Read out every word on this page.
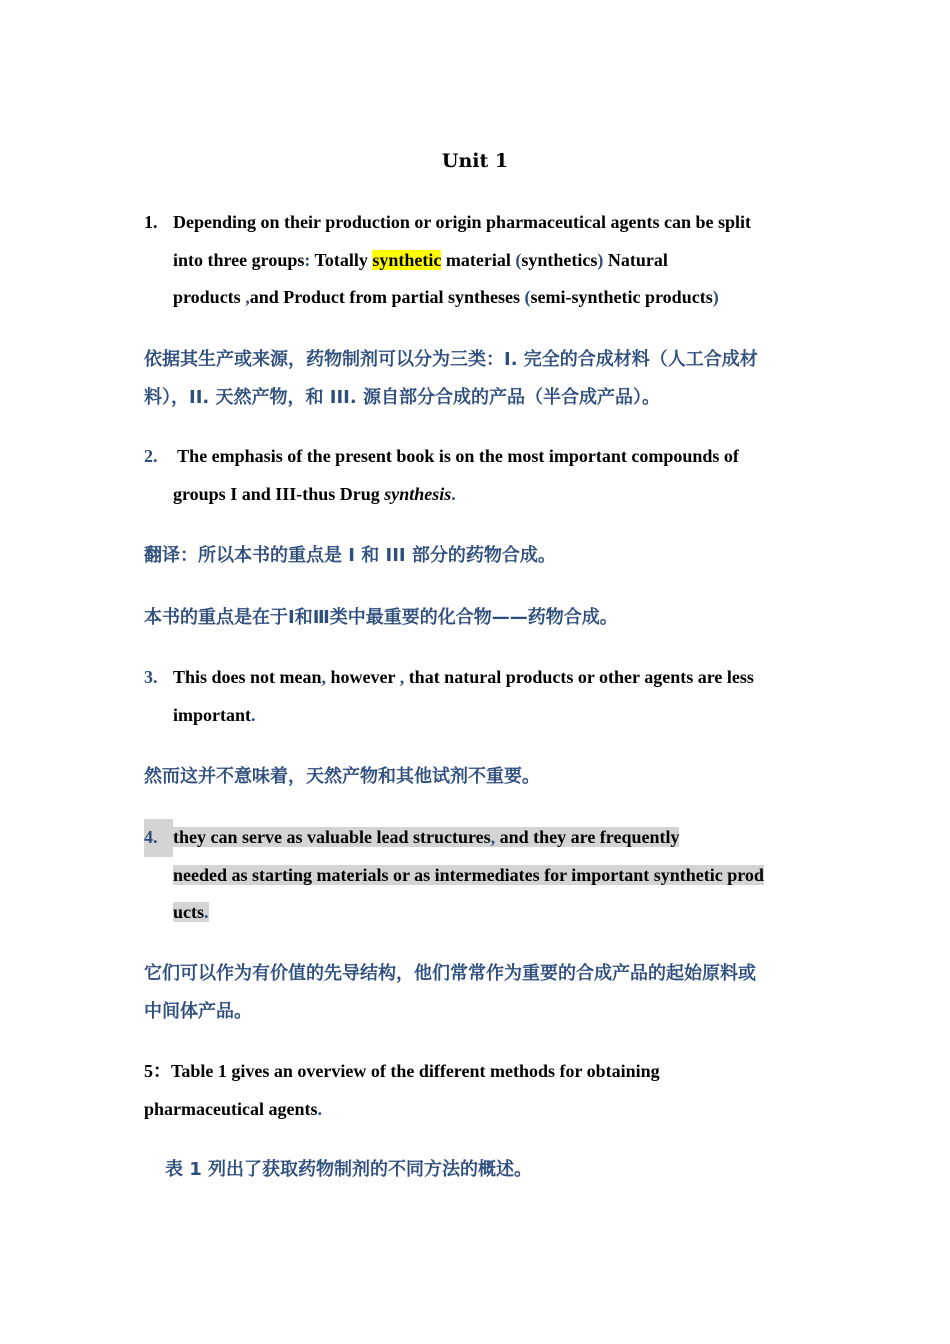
Unit 1
1. Depending on their production or origin pharmaceutical agents can be split
into three groups: Totally synthetic material (synthetics) Natural
products ,and Product from partial syntheses (semi-synthetic products)
依据其生产或来源，药物制剂可以分为三类：I. 完全的合成材料（人工合成材
料），II. 天然产物，和 III. 源自部分合成的产品（半合成产品）。
2. The emphasis of the present book is on the most important compounds of
groups I and III-thus Drug synthesis.
翻译：所以本书的重点是 I 和 III 部分的药物合成。
本书的重点是在于Ⅰ和Ⅲ类中最重要的化合物——药物合成。
3. This does not mean, however , that natural products or other agents are less
important.
然而这并不意味着，天然产物和其他试剂不重要。
4. they can serve as valuable lead structures, and they are frequently
needed as starting materials or as intermediates for important synthetic prod
ucts.
它们可以作为有价值的先导结构，他们常常作为重要的合成产品的起始原料或
中间体产品。
5：Table 1 gives an overview of the different methods for obtaining
pharmaceutical agents.
表 1 列出了获取药物制剂的不同方法的概述。
